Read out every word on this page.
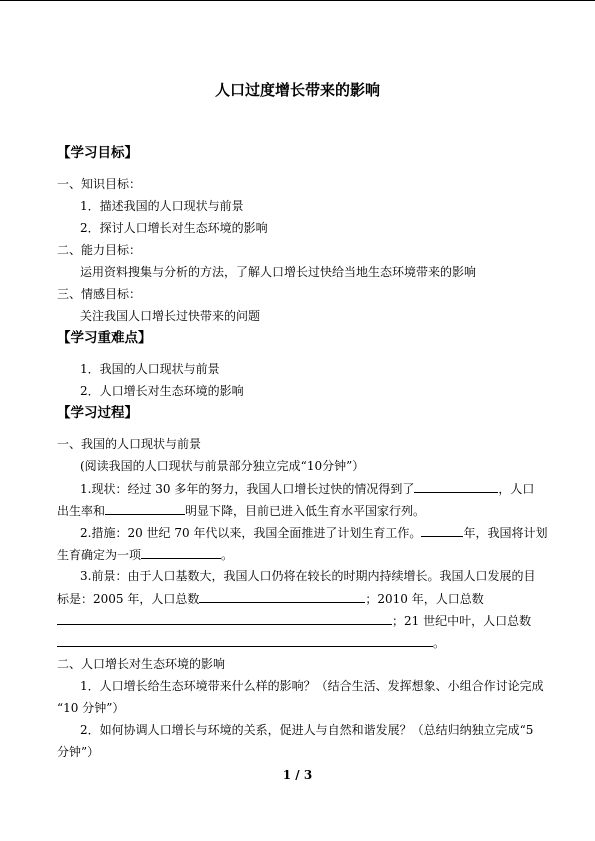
人口过度增长带来的影响
【学习目标】
一、知识目标：
1．描述我国的人口现状与前景
2．探讨人口增长对生态环境的影响
二、能力目标：
运用资料搜集与分析的方法，了解人口增长过快给当地生态环境带来的影响
三、情感目标：
关注我国人口增长过快带来的问题
【学习重难点】
1．我国的人口现状与前景
2．人口增长对生态环境的影响
【学习过程】
一、我国的人口现状与前景
(阅读我国的人口现状与前景部分独立完成“10分钟”）
1.现状：经过 30 多年的努力，我国人口增长过快的情况得到了	，人口
出生率和	明显下降，目前已进入低生育水平国家行列。
2.措施：20 世纪 70 年代以来，我国全面推进了计划生育工作。	年，我国将计划
生育确定为一项	。
3.前景：由于人口基数大，我国人口仍将在较长的时期内持续增长。我国人口发展的目
标是：2005 年，人口总数	；2010 年，人口总数
；21 世纪中叶，人口总数
。
二、人口增长对生态环境的影响
1．人口增长给生态环境带来什么样的影响？（结合生活、发挥想象、小组合作讨论完成
“10 分钟”）
2．如何协调人口增长与环境的关系，促进人与自然和谐发展？（总结归纳独立完成“5
分钟”）
1 / 3
